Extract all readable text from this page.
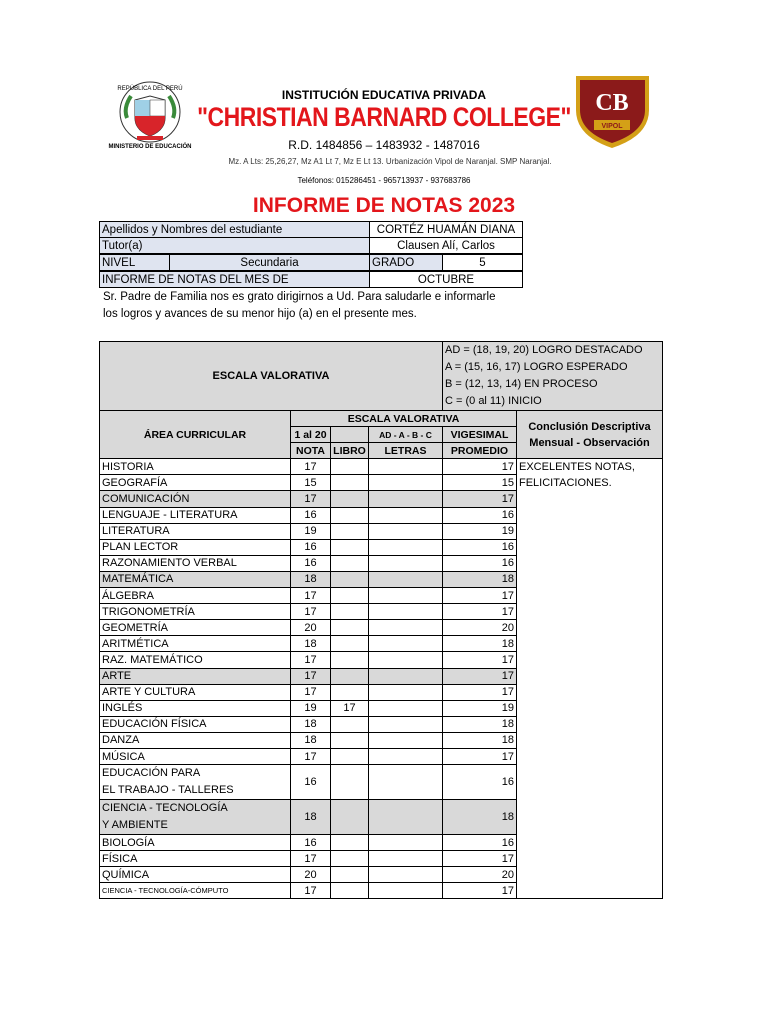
REPÚBLICA DEL PERÚ
MINISTERIO DE EDUCACIÓN
CB
VIPOL
INSTITUCIÓN EDUCATIVA PRIVADA
"CHRISTIAN BARNARD COLLEGE"
R.D. 1484856 – 1483932 - 1487016
Mz. A Lts: 25,26,27, Mz A1 Lt 7, Mz E Lt 13. Urbanización Vipol de Naranjal. SMP Naranjal.
Teléfonos: 015286451 - 965713937 - 937683786
INFORME DE NOTAS 2023
Apellidos y Nombres del estudiante	CORTÉZ HUAMÁN DIANA
Tutor(a)	Clausen Alí, Carlos
NIVEL	Secundaria	GRADO	5
INFORME DE NOTAS DEL MES DE	OCTUBRE
Sr. Padre de Familia nos es grato dirigirnos a Ud. Para saludarle e informarle
los logros y avances de su menor hijo (a) en el presente mes.
ESCALA VALORATIVA				AD = (18, 19, 20) LOGRO DESTACADO
A = (15, 16, 17) LOGRO ESPERADO
B = (12, 13, 14) EN PROCESO
C = (0 al 11) INICIO	

ÁREA CURRICULAR	ESCALA VALORATIVA				Conclusión Descriptiva Mensual - Observación
	1 al 20		AD - A - B - C	VIGESIMAL	
	NOTA	LIBRO	LETRAS	PROMEDIO	
HISTORIA	17			17	EXCELENTES NOTAS, FELICITACIONES.
GEOGRAFÍA	15			15	
COMUNICACIÓN	17			17	
LENGUAJE - LITERATURA	16			16	
LITERATURA	19			19	
PLAN LECTOR	16			16	
RAZONAMIENTO VERBAL	16			16	
MATEMÁTICA	18			18	
ÁLGEBRA	17			17	
TRIGONOMETRÍA	17			17	
GEOMETRÍA	20			20	
ARITMÉTICA	18			18	
RAZ. MATEMÁTICO	17			17	
ARTE	17			17	
ARTE Y CULTURA	17			17	
INGLÉS	19	17		19	
EDUCACIÓN FÍSICA	18			18	
DANZA	18			18	
MÚSICA	17			17	
EDUCACIÓN PARA
EL TRABAJO - TALLERES	16			16	
CIENCIA - TECNOLOGÍA
Y AMBIENTE	18			18	
BIOLOGÍA	16			16	
FÍSICA	17			17	
QUÍMICA	20			20	
CIENCIA - TECNOLOGÍA-CÓMPUTO	17			17	
